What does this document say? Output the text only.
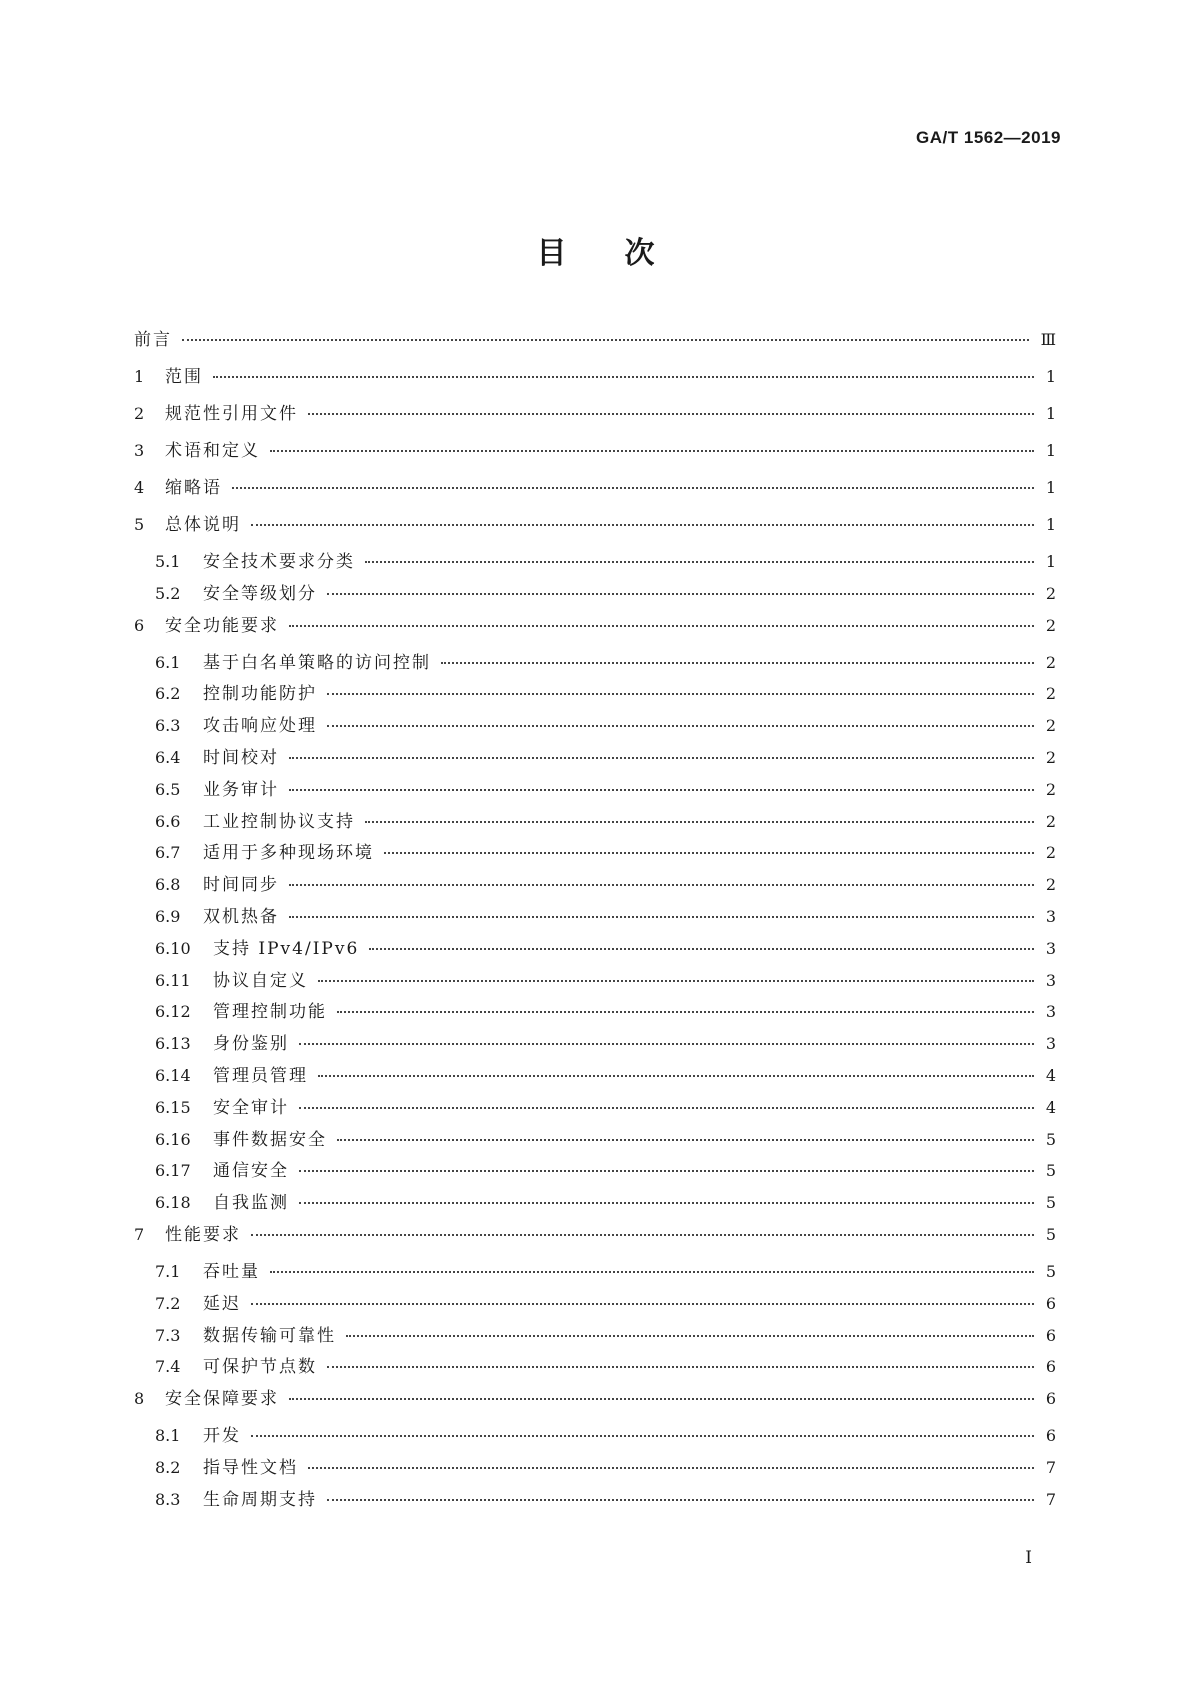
GA/T 1562—2019
目次
前言	Ⅲ
1	范围	1
2	规范性引用文件	1
3	术语和定义	1
4	缩略语	1
5	总体说明	1
5.1	安全技术要求分类	1
5.2	安全等级划分	2
6	安全功能要求	2
6.1	基于白名单策略的访问控制	2
6.2	控制功能防护	2
6.3	攻击响应处理	2
6.4	时间校对	2
6.5	业务审计	2
6.6	工业控制协议支持	2
6.7	适用于多种现场环境	2
6.8	时间同步	2
6.9	双机热备	3
6.10	支持 IPv4/IPv6	3
6.11	协议自定义	3
6.12	管理控制功能	3
6.13	身份鉴别	3
6.14	管理员管理	4
6.15	安全审计	4
6.16	事件数据安全	5
6.17	通信安全	5
6.18	自我监测	5
7	性能要求	5
7.1	吞吐量	5
7.2	延迟	6
7.3	数据传输可靠性	6
7.4	可保护节点数	6
8	安全保障要求	6
8.1	开发	6
8.2	指导性文档	7
8.3	生命周期支持	7
I
